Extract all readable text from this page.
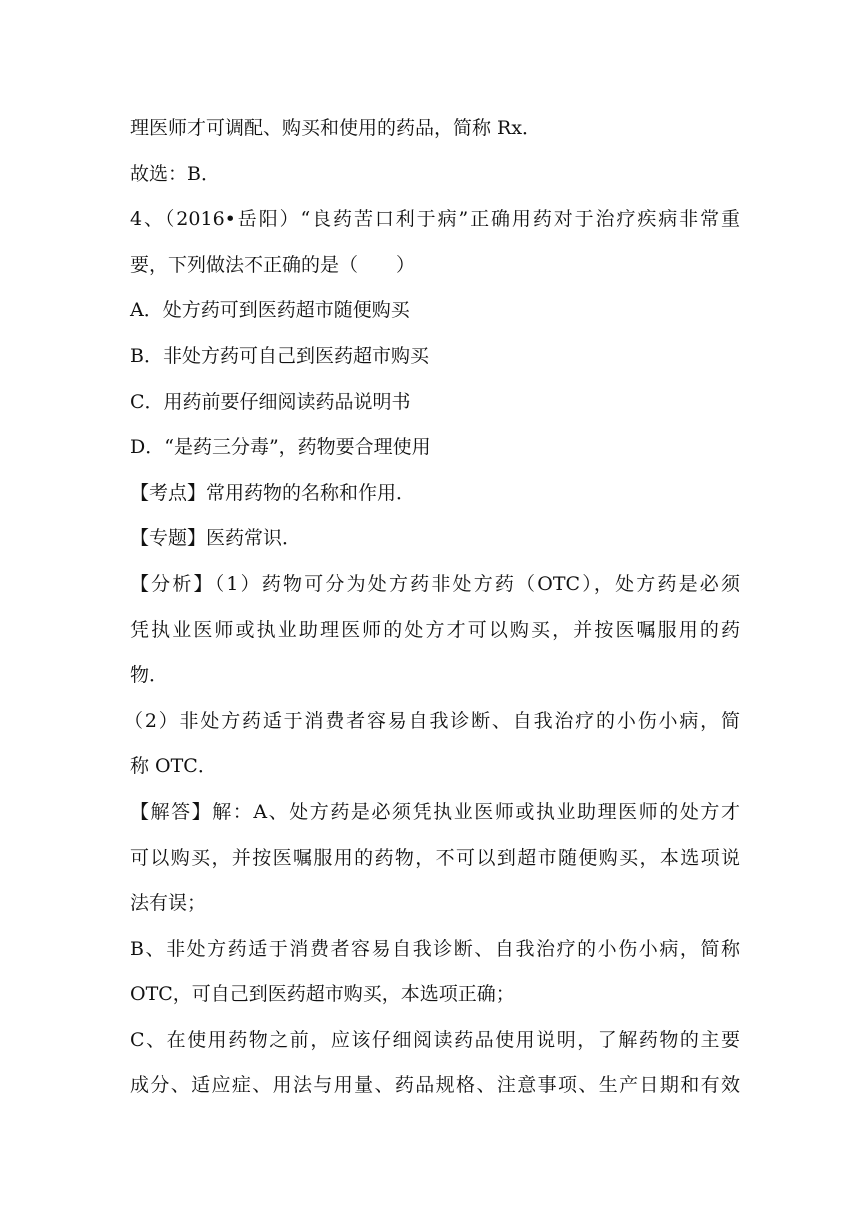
理医师才可调配、购买和使用的药品，简称 Rx．
故选：B．
4、（2016•岳阳）“良药苦口利于病”正确用药对于治疗疾病非常重
要，下列做法不正确的是（　　）
A．处方药可到医药超市随便购买
B．非处方药可自己到医药超市购买
C．用药前要仔细阅读药品说明书
D．“是药三分毒”，药物要合理使用
【考点】常用药物的名称和作用．
【专题】医药常识．
【分析】（1）药物可分为处方药非处方药（OTC），处方药是必须
凭执业医师或执业助理医师的处方才可以购买，并按医嘱服用的药
物．
（2）非处方药适于消费者容易自我诊断、自我治疗的小伤小病，简
称 OTC．
【解答】解：A、处方药是必须凭执业医师或执业助理医师的处方才
可以购买，并按医嘱服用的药物，不可以到超市随便购买，本选项说
法有误；
B、非处方药适于消费者容易自我诊断、自我治疗的小伤小病，简称
OTC，可自己到医药超市购买，本选项正确；
C、在使用药物之前，应该仔细阅读药品使用说明，了解药物的主要
成分、适应症、用法与用量、药品规格、注意事项、生产日期和有效
